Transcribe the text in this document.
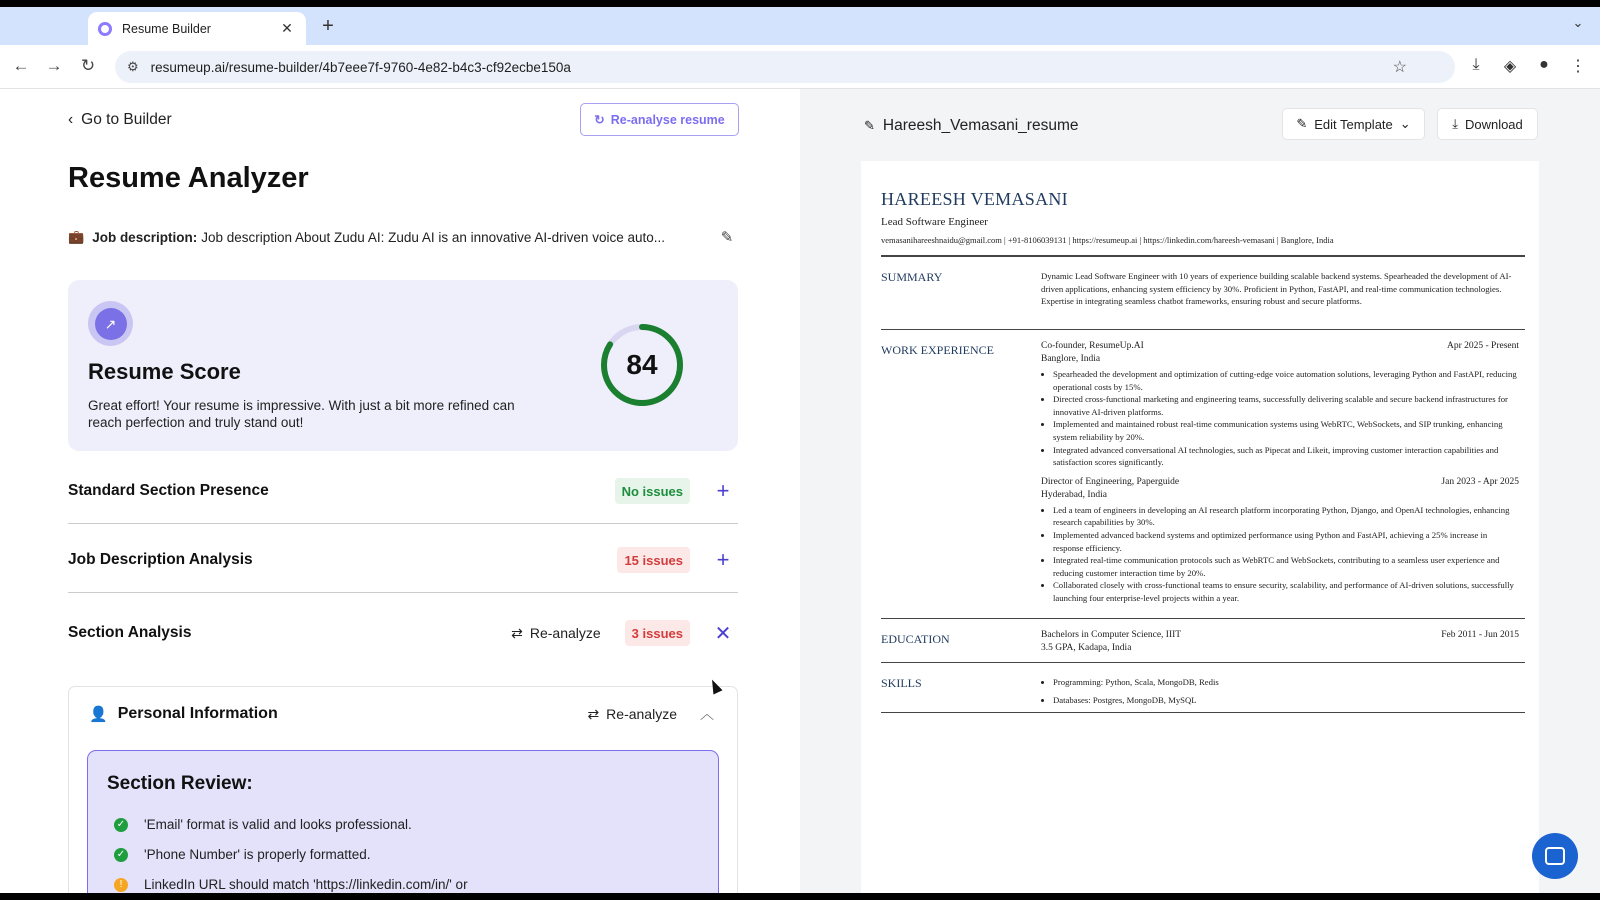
Resume Builder	✕ +	⌄
← → ↻ ⚙ resumeup.ai/resume-builder/4b7eee7f-9760-4e82-b4c3-cf92ecbe150a	☆	⤓	◈	●	⋮
‹ Go to Builder	↻ Re-analyse resume
Resume Analyzer
💼 Job description: Job description About Zudu AI: Zudu AI is an innovative AI-driven voice auto...	✎
↗
Resume Score

Great effort! Your resume is impressive. With just a bit more refined can reach perfection and truly stand out!

84
Standard Section Presence	No issues	+
Job Description Analysis	15 issues	+
Section Analysis	⇄ Re-analyze	3 issues	✕
👤 Personal Information	⇄ Re-analyze	︿
Section Review:
✓ 'Email' format is valid and looks professional.
✓ 'Phone Number' is properly formatted.
!	LinkedIn URL should match 'https://linkedin.com/in/' or
✎ Hareesh_Vemasani_resume	✎ Edit Template ⌄	⤓ Download
HAREESH VEMASANI
Lead Software Engineer
vemasanihareeshnaidu@gmail.com | +91-8106039131 | https://resumeup.ai | https://linkedin.com/hareesh-vemasani | Banglore, India
SUMMARY	Dynamic Lead Software Engineer with 10 years of experience building scalable backend systems. Spearheaded the development of AI-driven applications, enhancing system efficiency by 30%. Proficient in Python, FastAPI, and real-time communication technologies. Expertise in integrating seamless chatbot frameworks, ensuring robust and secure platforms.
WORK EXPERIENCE	Co-founder, ResumeUp.AI	Apr 2025 - Present
Banglore, India
• Spearheaded the development and optimization of cutting-edge voice automation solutions, leveraging Python and FastAPI, reducing operational costs by 15%.
• Directed cross-functional marketing and engineering teams, successfully delivering scalable and secure backend infrastructures for innovative AI-driven platforms.
• Implemented and maintained robust real-time communication systems using WebRTC, WebSockets, and SIP trunking, enhancing system reliability by 20%.
• Integrated advanced conversational AI technologies, such as Pipecat and Likeit, improving customer interaction capabilities and satisfaction scores significantly.
Director of Engineering, Paperguide	Jan 2023 - Apr 2025
Hyderabad, India
• Led a team of engineers in developing an AI research platform incorporating Python, Django, and OpenAI technologies, enhancing research capabilities by 30%.
• Implemented advanced backend systems and optimized performance using Python and FastAPI, achieving a 25% increase in response efficiency.
• Integrated real-time communication protocols such as WebRTC and WebSockets, contributing to a seamless user experience and reducing customer interaction time by 20%.
• Collaborated closely with cross-functional teams to ensure security, scalability, and performance of AI-driven solutions, successfully launching four enterprise-level projects within a year.
EDUCATION	Bachelors in Computer Science, IIIT	Feb 2011 - Jun 2015
3.5 GPA, Kadapa, India
SKILLS
•	Programming: Python, Scala, MongoDB, Redis
• Databases: Postgres, MongoDB, MySQL
